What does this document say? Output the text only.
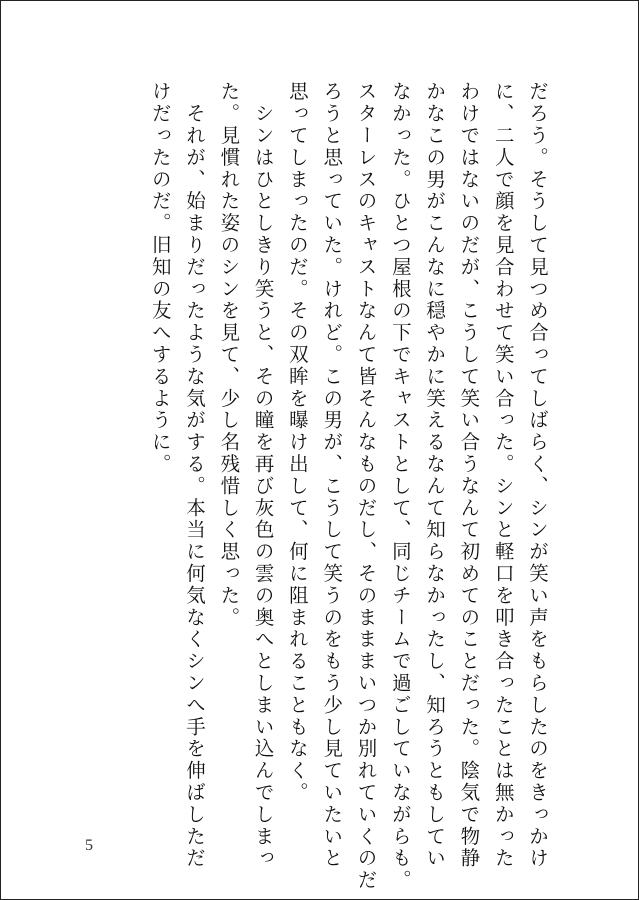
だろう。そうして見つめ合ってしばらく、シンが笑い声をもらしたのをきっかけ

に、二人で顔を見合わせて笑い合った。シンと軽口を叩き合ったことは無かった

わけではないのだが、こうして笑い合うなんて初めてのことだった。陰気で物静

かなこの男がこんなに穏やかに笑えるなんて知らなかったし、知ろうともしてい

なかった。ひとつ屋根の下でキャストとして、同じチームで過ごしていながらも。

スターレスのキャストなんて皆そんなものだし、そのまままいつか別れていくのだ

ろうと思っていた。けれど。この男が、こうして笑うのをもう少し見ていたいと

思ってしまったのだ。その双眸を曝け出して、何に阻まれることもなく。

　シンはひとしきり笑うと、その瞳を再び灰色の雲の奥へとしまい込んでしまっ

た。見慣れた姿のシンを見て、少し名残惜しく思った。

　それが、始まりだったような気がする。本当に何気なくシンへ手を伸ばしただ

けだったのだ。旧知の友へするように。

5
